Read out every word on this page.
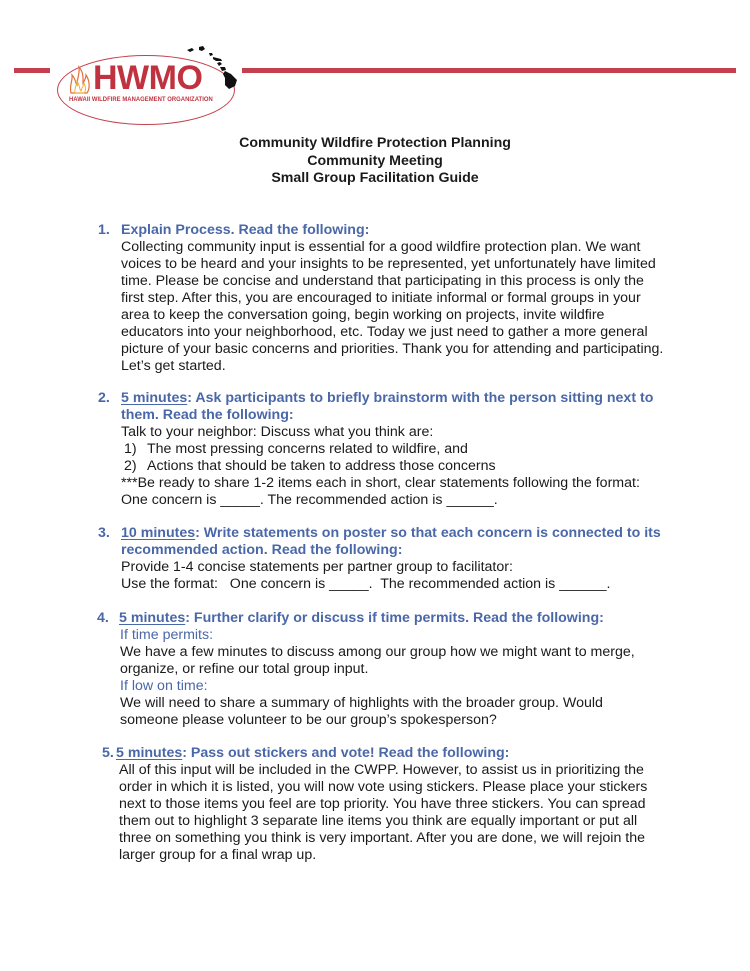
HWMO
HAWAII WILDFIRE MANAGEMENT ORGANIZATION
Community Wildfire Protection Planning
Community Meeting
Small Group Facilitation Guide
1. Explain Process. Read the following:

Collecting community input is essential for a good wildfire protection plan. We want

voices to be heard and your insights to be represented, yet unfortunately have limited

time. Please be concise and understand that participating in this process is only the

first step. After this, you are encouraged to initiate informal or formal groups in your

area to keep the conversation going, begin working on projects, invite wildfire

educators into your neighborhood, etc. Today we just need to gather a more general

picture of your basic concerns and priorities. Thank you for attending and participating.

Let’s get started.

2. 5 minutes: Ask participants to briefly brainstorm with the person sitting next to
them. Read the following:

Talk to your neighbor: Discuss what you think are:

1) The most pressing concerns related to wildfire, and

2) Actions that should be taken to address those concerns

***Be ready to share 1-2 items each in short, clear statements following the format:

One concern is _____. The recommended action is ______.

3. 10 minutes: Write statements on poster so that each concern is connected to its
recommended action. Read the following:

Provide 1-4 concise statements per partner group to facilitator:

Use the format:   One concern is _____.  The recommended action is ______.

4. 5 minutes: Further clarify or discuss if time permits. Read the following:

If time permits:

We have a few minutes to discuss among our group how we might want to merge,

organize, or refine our total group input.

If low on time:

We will need to share a summary of highlights with the broader group. Would

someone please volunteer to be our group’s spokesperson?

5. 5 minutes: Pass out stickers and vote! Read the following:

All of this input will be included in the CWPP. However, to assist us in prioritizing the

order in which it is listed, you will now vote using stickers. Please place your stickers

next to those items you feel are top priority. You have three stickers. You can spread

them out to highlight 3 separate line items you think are equally important or put all

three on something you think is very important. After you are done, we will rejoin the

larger group for a final wrap up.
